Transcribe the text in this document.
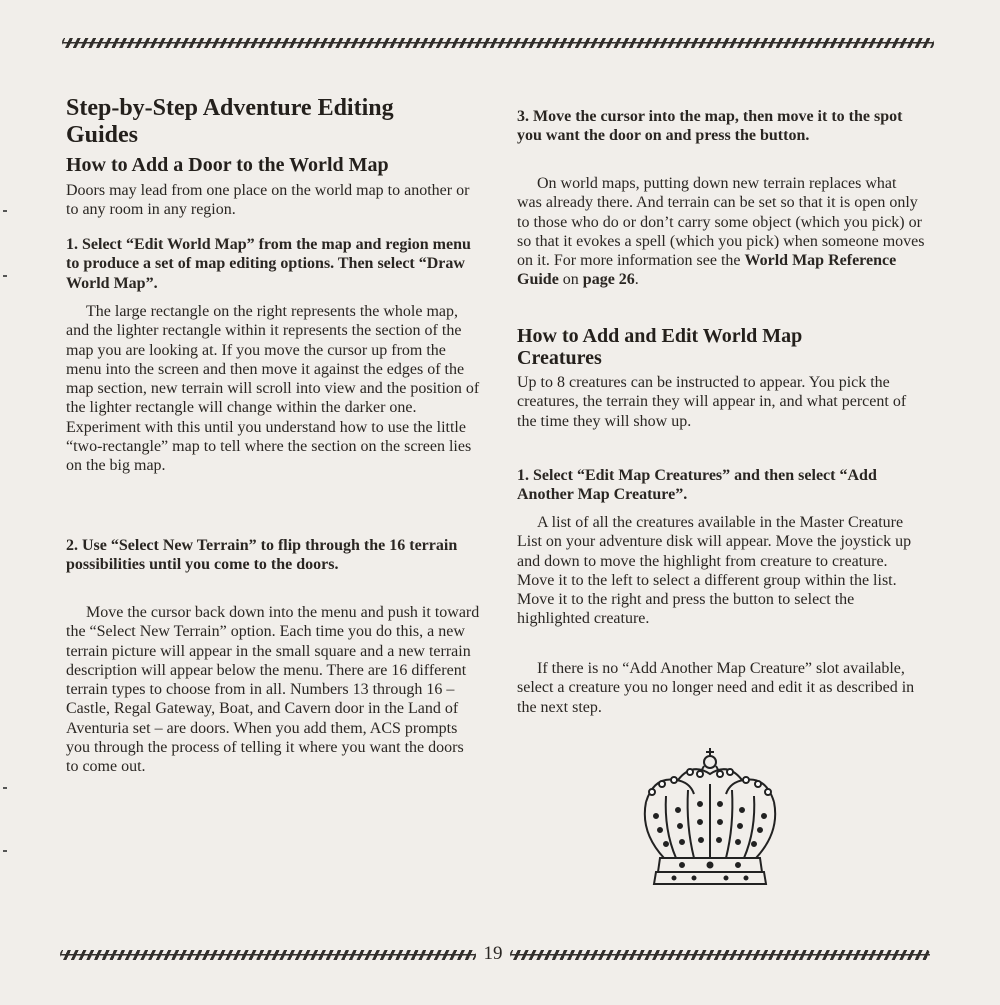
Step-by-Step Adventure Editing Guides
How to Add a Door to the World Map

Doors may lead from one place on the world map to another or to any room in any region.

1. Select “Edit World Map” from the map and region menu to produce a set of map editing options. Then select “Draw World Map”.

The large rectangle on the right represents the whole map, and the lighter rectangle within it represents the section of the map you are looking at. If you move the cursor up from the menu into the screen and then move it against the edges of the map section, new terrain will scroll into view and the position of the lighter rectangle will change within the darker one. Experiment with this until you understand how to use the little “two-rectangle” map to tell where the section on the screen lies on the big map.

2. Use “Select New Terrain” to flip through the 16 terrain possibilities until you come to the doors.

Move the cursor back down into the menu and push it toward the “Select New Terrain” option. Each time you do this, a new terrain picture will appear in the small square and a new terrain description will appear below the menu. There are 16 different terrain types to choose from in all. Numbers 13 through 16 – Castle, Regal Gateway, Boat, and Cavern door in the Land of Aventuria set – are doors. When you add them, ACS prompts you through the process of telling it where you want the doors to come out.

3. Move the cursor into the map, then move it to the spot you want the door on and press the button.

On world maps, putting down new terrain replaces what was already there. And terrain can be set so that it is open only to those who do or don’t carry some object (which you pick) or so that it evokes a spell (which you pick) when someone moves on it. For more information see the World Map Reference Guide on page 26.

How to Add and Edit World Map Creatures

Up to 8 creatures can be instructed to appear. You pick the creatures, the terrain they will appear in, and what percent of the time they will show up.

1. Select “Edit Map Creatures” and then select “Add Another Map Creature”.

A list of all the creatures available in the Master Creature List on your adventure disk will appear. Move the joystick up and down to move the highlight from creature to creature. Move it to the left to select a different group within the list. Move it to the right and press the button to select the highlighted creature.

If there is no “Add Another Map Creature” slot available, select a creature you no longer need and edit it as described in the next step.

19
